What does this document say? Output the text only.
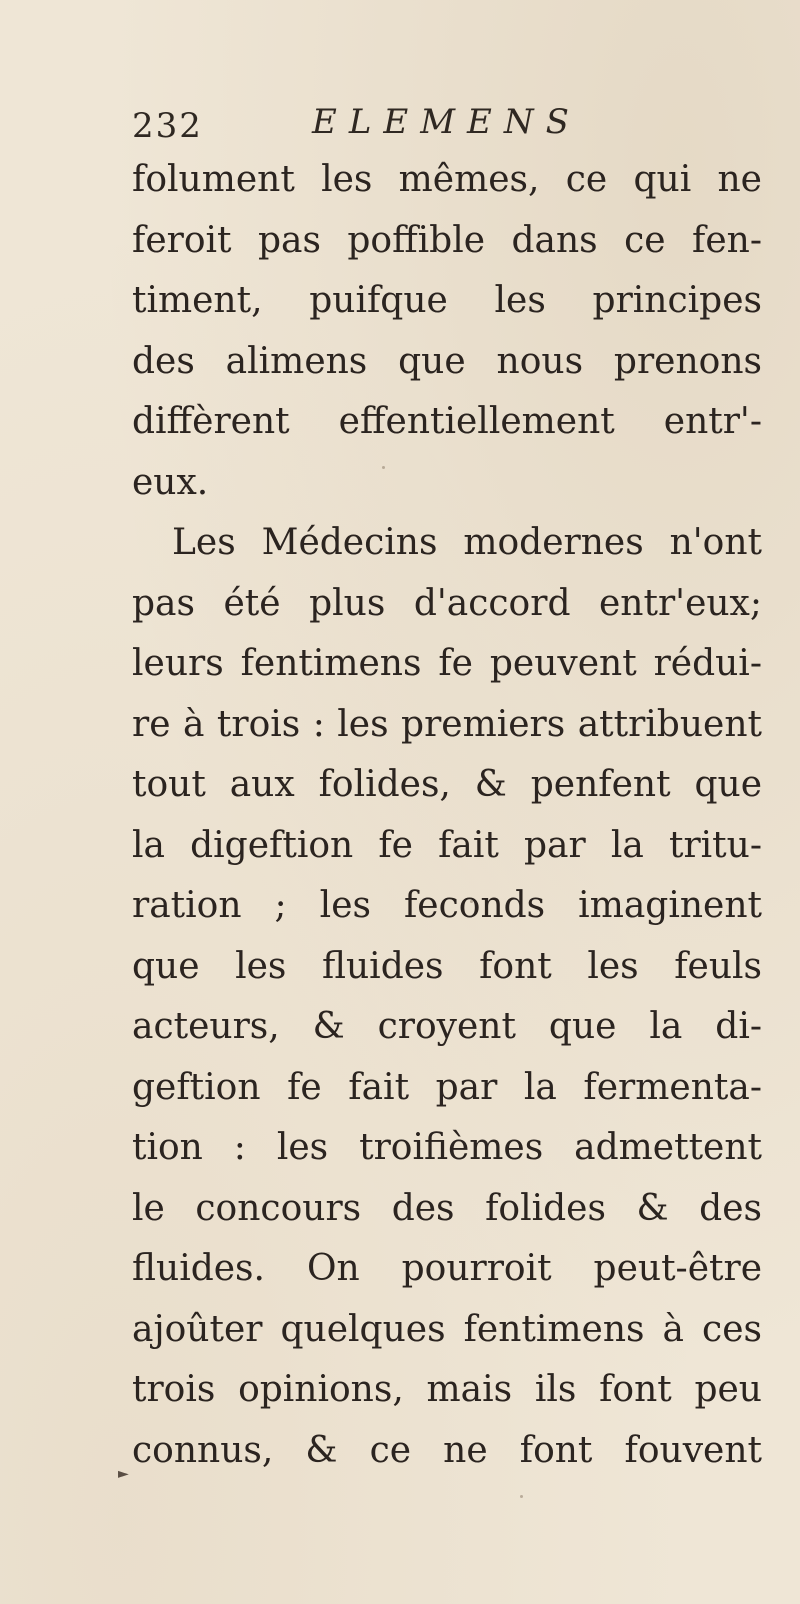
232	ELEMENS
folument les mêmes, ce qui ne
feroit pas poffible dans ce fen-
timent, puifque les principes
des alimens que nous prenons
diffèrent effentiellement entr'-
eux.
Les Médecins modernes n'ont
pas été plus d'accord entr'eux;
leurs fentimens fe peuvent rédui-
re à trois : les premiers attribuent
tout aux folides, & penfent que
la digeftion fe fait par la tritu-
ration ; les feconds imaginent
que les fluides font les feuls
acteurs, & croyent que la di-
geftion fe fait par la fermenta-
tion : les troifièmes admettent
le concours des folides & des
fluides. On pourroit peut-être
ajoûter quelques fentimens à ces
trois opinions, mais ils font peu
connus, & ce ne font fouvent
►
